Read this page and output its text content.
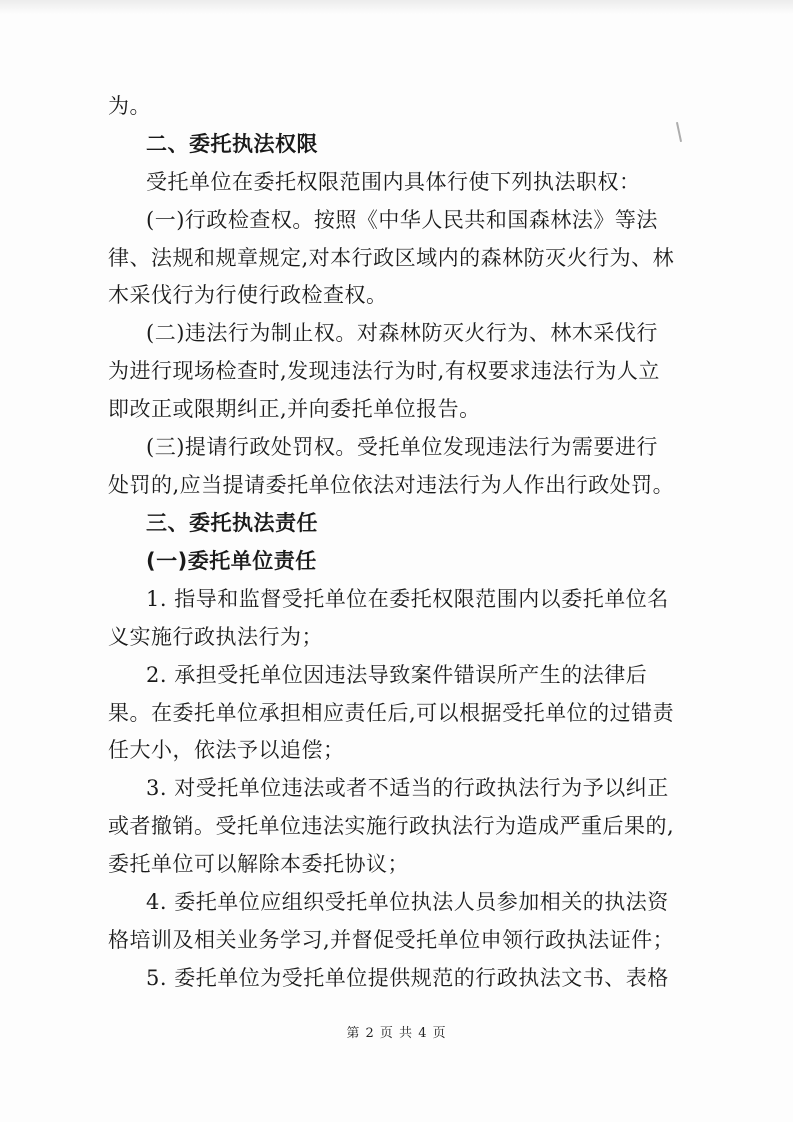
为。
二、委托执法权限
受托单位在委托权限范围内具体行使下列执法职权：
(一)行政检查权。按照《中华人民共和国森林法》等法
律、法规和规章规定,对本行政区域内的森林防灭火行为、林
木采伐行为行使行政检查权。
(二)违法行为制止权。对森林防灭火行为、林木采伐行
为进行现场检查时,发现违法行为时,有权要求违法行为人立
即改正或限期纠正,并向委托单位报告。
(三)提请行政处罚权。受托单位发现违法行为需要进行
处罚的,应当提请委托单位依法对违法行为人作出行政处罚。
三、委托执法责任
(一)委托单位责任
1. 指导和监督受托单位在委托权限范围内以委托单位名
义实施行政执法行为；
2. 承担受托单位因违法导致案件错误所产生的法律后
果。在委托单位承担相应责任后,可以根据受托单位的过错责
任大小，依法予以追偿；
3. 对受托单位违法或者不适当的行政执法行为予以纠正
或者撤销。受托单位违法实施行政执法行为造成严重后果的,
委托单位可以解除本委托协议；
4. 委托单位应组织受托单位执法人员参加相关的执法资
格培训及相关业务学习,并督促受托单位申领行政执法证件；
5. 委托单位为受托单位提供规范的行政执法文书、表格
第 2 页 共 4 页
